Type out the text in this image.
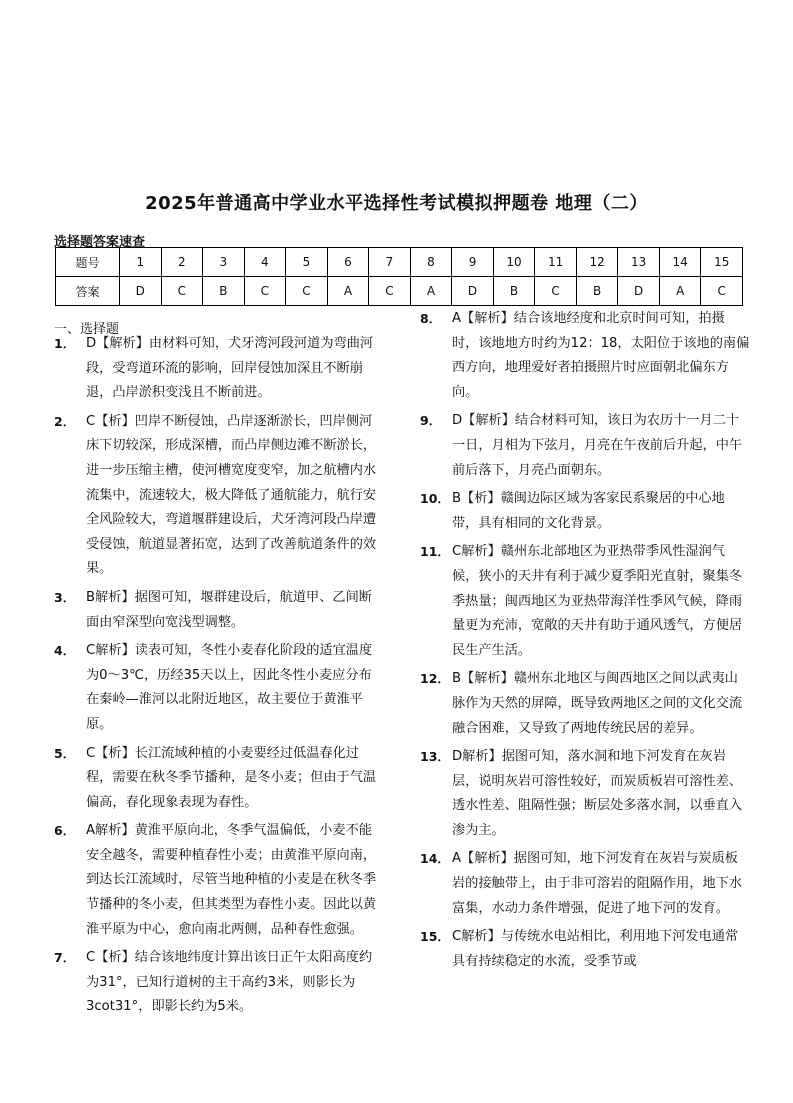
2025年普通高中学业水平选择性考试模拟押题卷 地理（二）
选择题答案速查
题号	1	2	3	4	5	6	7	8	9	10	11	12	13	14	15
答案	D	C	B	C	C	A	C	A	D	B	C	B	D	A	C
一、选择题
1． D【解析】由材料可知，犬牙湾河段河道为弯曲河段，受弯道环流的影响，回岸侵蚀加深且不断崩退，凸岸淤积变浅且不断前进。
2． C【析】凹岸不断侵蚀，凸岸逐渐淤长，凹岸侧河床下切较深，形成深槽，而凸岸侧边滩不断淤长，进一步压缩主槽，使河槽宽度变窄，加之航槽内水流集中，流速较大，极大降低了通航能力，航行安全风险较大，弯道堰群建设后，犬牙湾河段凸岸遭受侵蚀，航道显著拓宽，达到了改善航道条件的效果。
3． B解析】据图可知，堰群建设后，航道甲、乙间断面由窄深型向宽浅型调整。
4． C解析】读表可知，冬性小麦春化阶段的适宜温度为0～3℃，历经35天以上，因此冬性小麦应分布在秦岭—淮河以北附近地区，故主要位于黄淮平原。
5． C【析】长江流域种植的小麦要经过低温春化过程，需要在秋冬季节播种，是冬小麦；但由于气温偏高，春化现象表现为春性。
6． A解析】黄淮平原向北，冬季气温偏低，小麦不能安全越冬，需要种植春性小麦；由黄淮平原向南，到达长江流域时，尽管当地种植的小麦是在秋冬季节播种的冬小麦，但其类型为春性小麦。因此以黄淮平原为中心，愈向南北两侧，品种春性愈强。
7． C【析】结合该地纬度计算出该日正午太阳高度约为31°，已知行道树的主干高约3米，则影长为3cot31°，即影长约为5米。
8． A【解析】结合该地经度和北京时间可知，拍摄时，该地地方时约为12：18，太阳位于该地的南偏西方向，地理爱好者拍摄照片时应面朝北偏东方向。
9． D【解析】结合材料可知，该日为农历十一月二十一日，月相为下弦月，月亮在午夜前后升起，中午前后落下，月亮凸面朝东。
10． B【析】赣闽边际区域为客家民系聚居的中心地带，具有相同的文化背景。
11． C解析】赣州东北部地区为亚热带季风性湿润气候，狭小的天井有利于减少夏季阳光直射，聚集冬季热量；闽西地区为亚热带海洋性季风气候，降雨量更为充沛，宽敞的天井有助于通风透气，方便居民生产生活。
12． B【解析】赣州东北地区与闽西地区之间以武夷山脉作为天然的屏障，既导致两地区之间的文化交流融合困难，又导致了两地传统民居的差异。
13． D解析】据图可知，落水洞和地下河发育在灰岩层，说明灰岩可溶性较好，而炭质板岩可溶性差、透水性差、阻隔性强；断层处多落水洞，以垂直入渗为主。
14． A【解析】据图可知，地下河发育在灰岩与炭质板岩的接触带上，由于非可溶岩的阻隔作用，地下水富集，水动力条件增强，促进了地下河的发育。
15． C解析】与传统水电站相比，利用地下河发电通常具有持续稳定的水流，受季节或
